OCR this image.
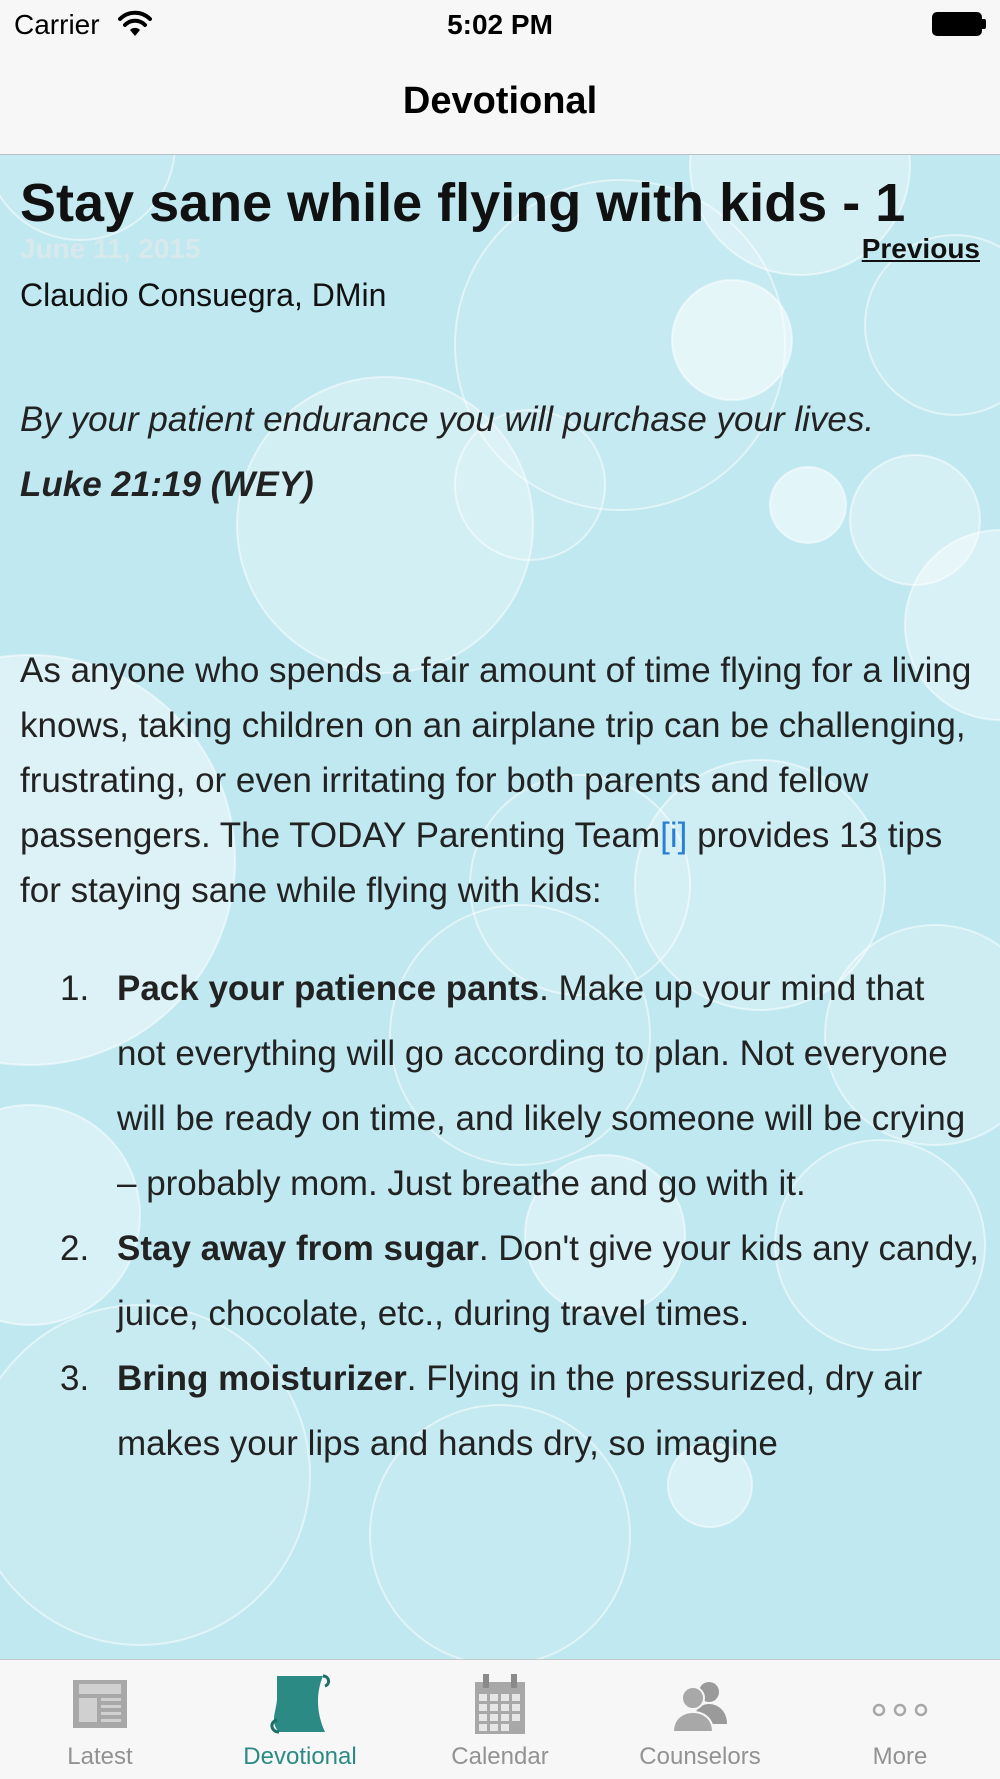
Carrier	5:02 PM
Devotional
Stay sane while flying with kids - 1
June 11, 2015	Previous
Claudio Consuegra, DMin
By your patient endurance you will purchase your lives. Luke 21:19 (WEY)
As anyone who spends a fair amount of time flying for a living knows, taking children on an airplane trip can be challenging, frustrating, or even irritating for both parents and fellow passengers. The TODAY Parenting Team[i] provides 13 tips for staying sane while flying with kids:
1. Pack your patience pants. Make up your mind that not everything will go according to plan. Not everyone will be ready on time, and likely someone will be crying – probably mom. Just breathe and go with it.
2. Stay away from sugar. Don't give your kids any candy, juice, chocolate, etc., during travel times.
3. Bring moisturizer. Flying in the pressurized, dry air makes your lips and hands dry, so imagine
Latest	Devotional	Calendar	Counselors	More
